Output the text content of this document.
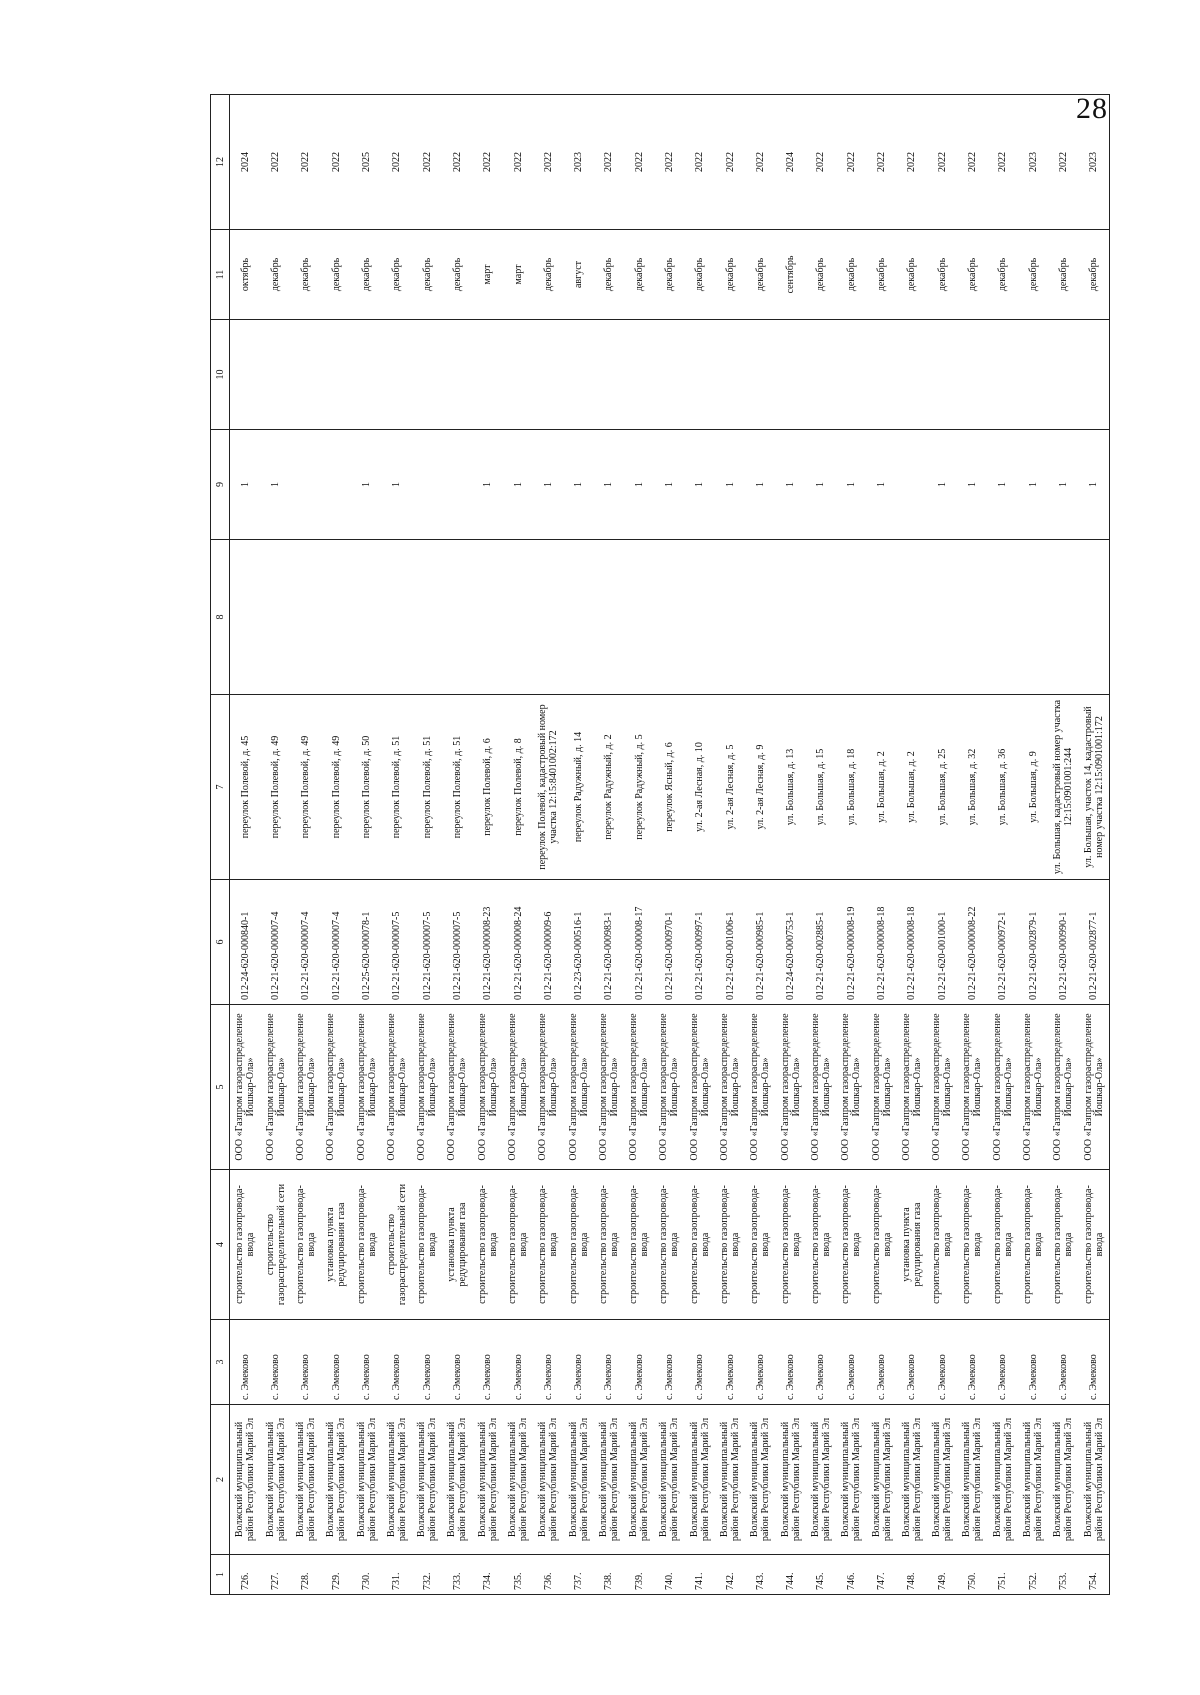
28
1	2	3	4	5	6	7	8	9	10	11	12
726.	Волжский муниципальный район Республики Марий Эл	с. Эмеково	строительство газопровода-ввода	ООО «Газпром газораспределение Йошкар-Ола»	012-24-620-000840-1	переулок Полевой, д. 45		1		октябрь	2024
727.	Волжский муниципальный район Республики Марий Эл	с. Эмеково	строительство газораспределительной сети	ООО «Газпром газораспределение Йошкар-Ола»	012-21-620-000007-4	переулок Полевой, д. 49		1		декабрь	2022
728.	Волжский муниципальный район Республики Марий Эл	с. Эмеково	строительство газопровода-ввода	ООО «Газпром газораспределение Йошкар-Ола»	012-21-620-000007-4	переулок Полевой, д. 49				декабрь	2022
729.	Волжский муниципальный район Республики Марий Эл	с. Эмеково	установка пункта редуцирования газа	ООО «Газпром газораспределение Йошкар-Ола»	012-21-620-000007-4	переулок Полевой, д. 49				декабрь	2022
730.	Волжский муниципальный район Республики Марий Эл	с. Эмеково	строительство газопровода-ввода	ООО «Газпром газораспределение Йошкар-Ола»	012-25-620-000078-1	переулок Полевой, д. 50		1		декабрь	2025
731.	Волжский муниципальный район Республики Марий Эл	с. Эмеково	строительство газораспределительной сети	ООО «Газпром газораспределение Йошкар-Ола»	012-21-620-000007-5	переулок Полевой, д. 51		1		декабрь	2022
732.	Волжский муниципальный район Республики Марий Эл	с. Эмеково	строительство газопровода-ввода	ООО «Газпром газораспределение Йошкар-Ола»	012-21-620-000007-5	переулок Полевой, д. 51				декабрь	2022
733.	Волжский муниципальный район Республики Марий Эл	с. Эмеково	установка пункта редуцирования газа	ООО «Газпром газораспределение Йошкар-Ола»	012-21-620-000007-5	переулок Полевой, д. 51				декабрь	2022
734.	Волжский муниципальный район Республики Марий Эл	с. Эмеково	строительство газопровода-ввода	ООО «Газпром газораспределение Йошкар-Ола»	012-21-620-000008-23	переулок Полевой, д. 6		1		март	2022
735.	Волжский муниципальный район Республики Марий Эл	с. Эмеково	строительство газопровода-ввода	ООО «Газпром газораспределение Йошкар-Ола»	012-21-620-000008-24	переулок Полевой, д. 8		1		март	2022
736.	Волжский муниципальный район Республики Марий Эл	с. Эмеково	строительство газопровода-ввода	ООО «Газпром газораспределение Йошкар-Ола»	012-21-620-000009-6	переулок Полевой, кадастровый номер участка 12:15:8401002:172		1		декабрь	2022
737.	Волжский муниципальный район Республики Марий Эл	с. Эмеково	строительство газопровода-ввода	ООО «Газпром газораспределение Йошкар-Ола»	012-23-620-000516-1	переулок Радужный, д. 14		1		август	2023
738.	Волжский муниципальный район Республики Марий Эл	с. Эмеково	строительство газопровода-ввода	ООО «Газпром газораспределение Йошкар-Ола»	012-21-620-000983-1	переулок Радужный, д. 2		1		декабрь	2022
739.	Волжский муниципальный район Республики Марий Эл	с. Эмеково	строительство газопровода-ввода	ООО «Газпром газораспределение Йошкар-Ола»	012-21-620-000008-17	переулок Радужный, д. 5		1		декабрь	2022
740.	Волжский муниципальный район Республики Марий Эл	с. Эмеково	строительство газопровода-ввода	ООО «Газпром газораспределение Йошкар-Ола»	012-21-620-000970-1	переулок Ясный, д. 6		1		декабрь	2022
741.	Волжский муниципальный район Республики Марий Эл	с. Эмеково	строительство газопровода-ввода	ООО «Газпром газораспределение Йошкар-Ола»	012-21-620-000997-1	ул. 2-ая Лесная, д. 10		1		декабрь	2022
742.	Волжский муниципальный район Республики Марий Эл	с. Эмеково	строительство газопровода-ввода	ООО «Газпром газораспределение Йошкар-Ола»	012-21-620-001006-1	ул. 2-ая Лесная, д. 5		1		декабрь	2022
743.	Волжский муниципальный район Республики Марий Эл	с. Эмеково	строительство газопровода-ввода	ООО «Газпром газораспределение Йошкар-Ола»	012-21-620-000985-1	ул. 2-ая Лесная, д. 9		1		декабрь	2022
744.	Волжский муниципальный район Республики Марий Эл	с. Эмеково	строительство газопровода-ввода	ООО «Газпром газораспределение Йошкар-Ола»	012-24-620-000753-1	ул. Большая, д. 13		1		сентябрь	2024
745.	Волжский муниципальный район Республики Марий Эл	с. Эмеково	строительство газопровода-ввода	ООО «Газпром газораспределение Йошкар-Ола»	012-21-620-002885-1	ул. Большая, д. 15		1		декабрь	2022
746.	Волжский муниципальный район Республики Марий Эл	с. Эмеково	строительство газопровода-ввода	ООО «Газпром газораспределение Йошкар-Ола»	012-21-620-000008-19	ул. Большая, д. 18		1		декабрь	2022
747.	Волжский муниципальный район Республики Марий Эл	с. Эмеково	строительство газопровода-ввода	ООО «Газпром газораспределение Йошкар-Ола»	012-21-620-000008-18	ул. Большая, д. 2		1		декабрь	2022
748.	Волжский муниципальный район Республики Марий Эл	с. Эмеково	установка пункта редуцирования газа	ООО «Газпром газораспределение Йошкар-Ола»	012-21-620-000008-18	ул. Большая, д. 2				декабрь	2022
749.	Волжский муниципальный район Республики Марий Эл	с. Эмеково	строительство газопровода-ввода	ООО «Газпром газораспределение Йошкар-Ола»	012-21-620-001000-1	ул. Большая, д. 25		1		декабрь	2022
750.	Волжский муниципальный район Республики Марий Эл	с. Эмеково	строительство газопровода-ввода	ООО «Газпром газораспределение Йошкар-Ола»	012-21-620-000008-22	ул. Большая, д. 32		1		декабрь	2022
751.	Волжский муниципальный район Республики Марий Эл	с. Эмеково	строительство газопровода-ввода	ООО «Газпром газораспределение Йошкар-Ола»	012-21-620-000972-1	ул. Большая, д. 36		1		декабрь	2022
752.	Волжский муниципальный район Республики Марий Эл	с. Эмеково	строительство газопровода-ввода	ООО «Газпром газораспределение Йошкар-Ола»	012-21-620-002879-1	ул. Большая, д. 9		1		декабрь	2023
753.	Волжский муниципальный район Республики Марий Эл	с. Эмеково	строительство газопровода-ввода	ООО «Газпром газораспределение Йошкар-Ола»	012-21-620-000990-1	ул. Большая, кадастровый номер участка 12:15:0901001:244		1		декабрь	2022
754.	Волжский муниципальный район Республики Марий Эл	с. Эмеково	строительство газопровода-ввода	ООО «Газпром газораспределение Йошкар-Ола»	012-21-620-002877-1	ул. Большая, участок 14, кадастровый номер участка 12:15:0901001:172		1		декабрь	2023
